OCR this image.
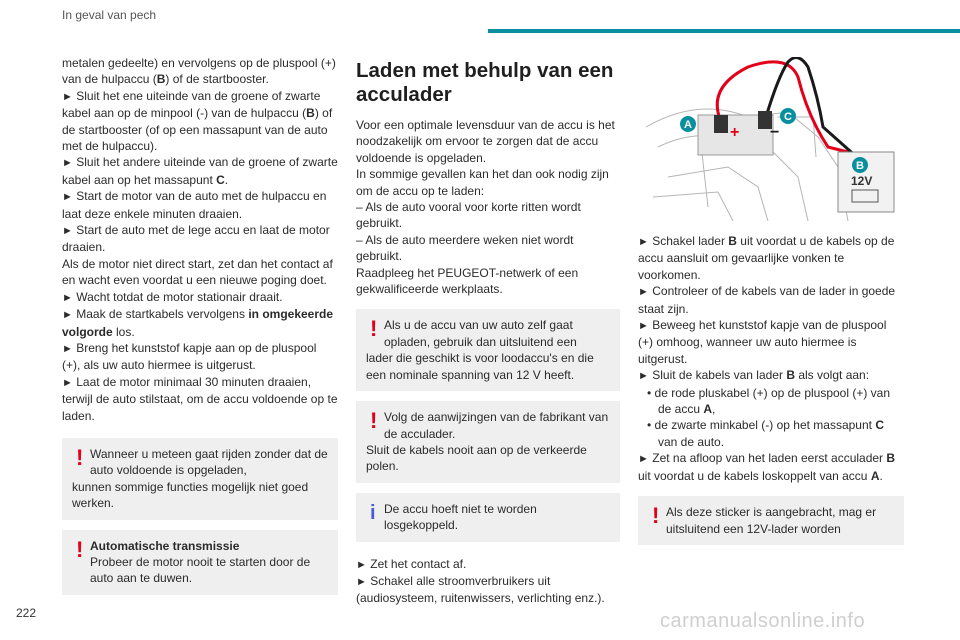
In geval van pech

metalen gedeelte) en vervolgens op de pluspool (+) van de hulpaccu (B) of de startbooster.

► Sluit het ene uiteinde van de groene of zwarte kabel aan op de minpool (-) van de hulpaccu (B) of de startbooster (of op een massapunt van de auto met de hulpaccu).

► Sluit het andere uiteinde van de groene of zwarte kabel aan op het massapunt C.

► Start de motor van de auto met de hulpaccu en laat deze enkele minuten draaien.

► Start de auto met de lege accu en laat de motor draaien.

Als de motor niet direct start, zet dan het contact af en wacht even voordat u een nieuwe poging doet.

► Wacht totdat de motor stationair draait.

► Maak de startkabels vervolgens in omgekeerde volgorde los.

► Breng het kunststof kapje aan op de pluspool (+), als uw auto hiermee is uitgerust.

► Laat de motor minimaal 30 minuten draaien, terwijl de auto stilstaat, om de accu voldoende op te laden.

! Wanneer u meteen gaat rijden zonder dat de auto voldoende is opgeladen,

kunnen sommige functies mogelijk niet goed werken.

! Automatische transmissie

Probeer de motor nooit te starten door de auto aan te duwen.

Laden met behulp van een acculader

Voor een optimale levensduur van de accu is het noodzakelijk om ervoor te zorgen dat de accu voldoende is opgeladen.

In sommige gevallen kan het dan ook nodig zijn om de accu op te laden:

– Als de auto vooral voor korte ritten wordt gebruikt.

– Als de auto meerdere weken niet wordt gebruikt.

Raadpleeg het PEUGEOT-netwerk of een gekwalificeerde werkplaats.

! Als u de accu van uw auto zelf gaat opladen, gebruik dan uitsluitend een

lader die geschikt is voor loodaccu's en die een nominale spanning van 12 V heeft.

! Volg de aanwijzingen van de fabrikant van de acculader.

Sluit de kabels nooit aan op de verkeerde polen.

i De accu hoeft niet te worden losgekoppeld.

► Zet het contact af.

► Schakel alle stroomverbruikers uit (audiosysteem, ruitenwissers, verlichting enz.).

+ −
12V
A
B
C

► Schakel lader B uit voordat u de kabels op de accu aansluit om gevaarlijke vonken te voorkomen.

► Controleer of de kabels van de lader in goede staat zijn.

► Beweeg het kunststof kapje van de pluspool (+) omhoog, wanneer uw auto hiermee is uitgerust.

► Sluit de kabels van lader B als volgt aan:

• de rode pluskabel (+) op de pluspool (+) van de accu A,

• de zwarte minkabel (-) op het massapunt C van de auto.

► Zet na afloop van het laden eerst acculader B uit voordat u de kabels loskoppelt van accu A.

! Als deze sticker is aangebracht, mag er uitsluitend een 12V-lader worden

222	carmanualsonline.info
